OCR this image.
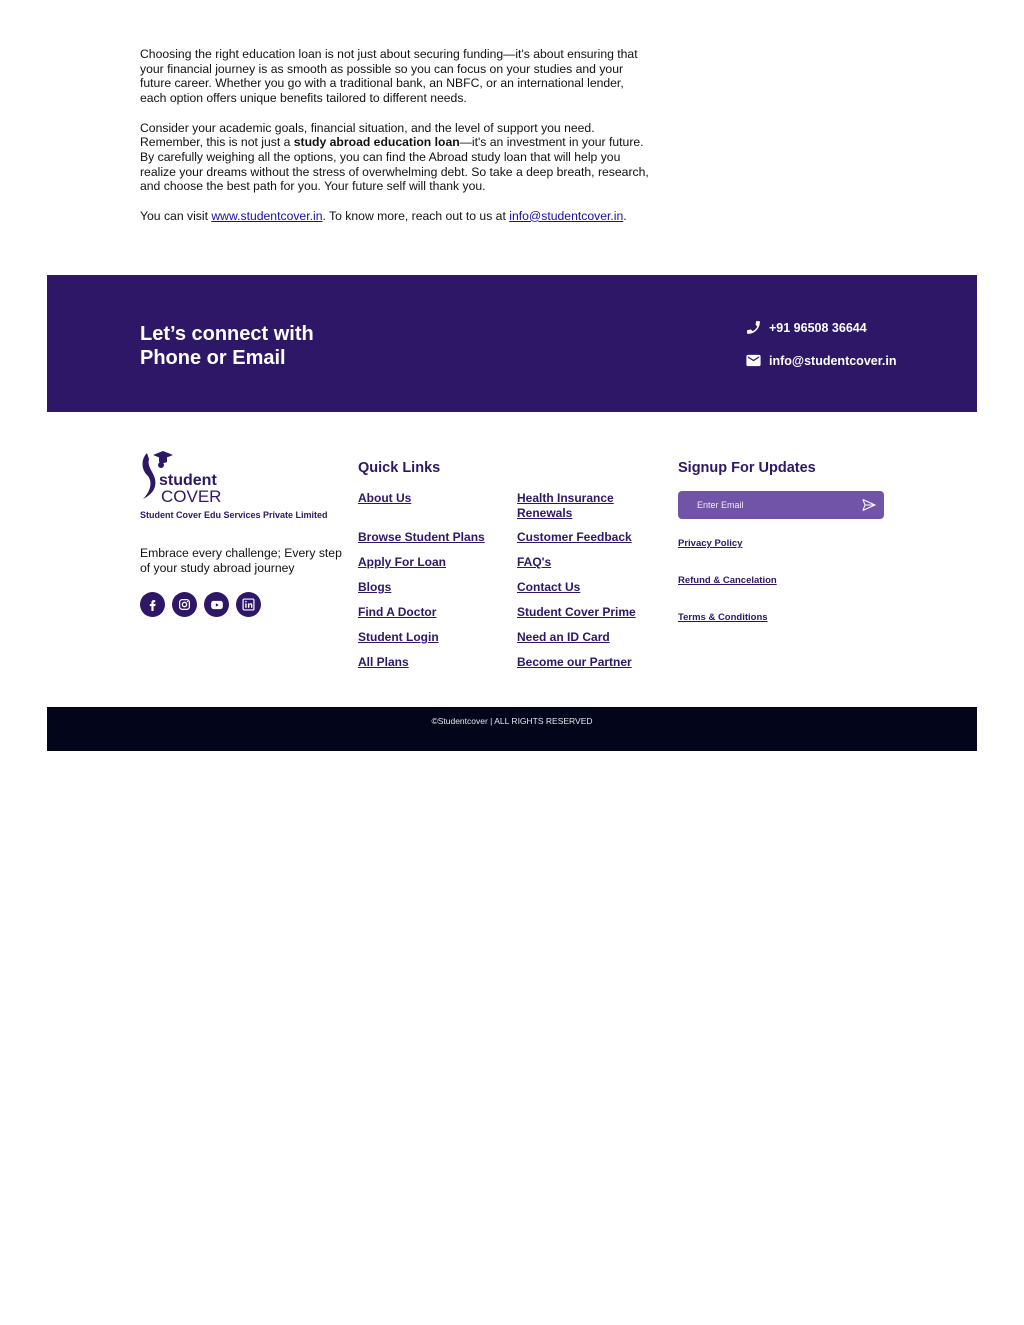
Choosing the right education loan is not just about securing funding—it's about ensuring that your financial journey is as smooth as possible so you can focus on your studies and your future career. Whether you go with a traditional bank, an NBFC, or an international lender, each option offers unique benefits tailored to different needs.

Consider your academic goals, financial situation, and the level of support you need. Remember, this is not just a study abroad education loan—it's an investment in your future. By carefully weighing all the options, you can find the Abroad study loan that will help you realize your dreams without the stress of overwhelming debt. So take a deep breath, research, and choose the best path for you. Your future self will thank you.

You can visit www.studentcover.in. To know more, reach out to us at info@studentcover.in.

Let’s connect with Phone or Email
+91 96508 36644
info@studentcover.in
student
COVER
Student Cover Edu Services Private Limited
Embrace every challenge; Every step of your study abroad journey
Quick Links
About Us
Browse Student Plans
Apply For Loan
Blogs
Find A Doctor
Student Login
All Plans
Health Insurance Renewals
Customer Feedback
FAQ's
Contact Us
Student Cover Prime
Need an ID Card
Become our Partner
Signup For Updates
Enter Email
Privacy Policy
Refund & Cancelation
Terms & Conditions
©Studentcover | ALL RIGHTS RESERVED
